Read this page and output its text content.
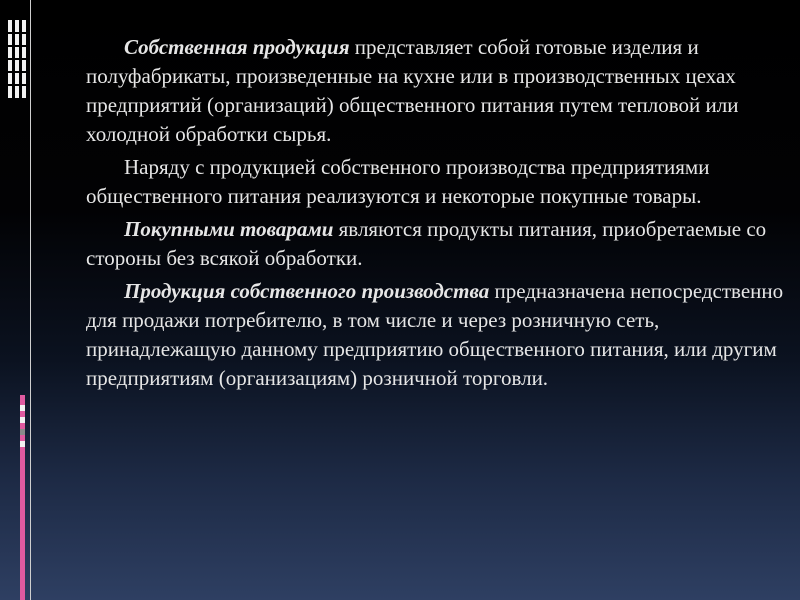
Собственная продукция представляет собой готовые изделия и полуфабрикаты, произведенные на кухне или в производственных цехах предприятий (организаций) общественного питания путем тепловой или холодной обработки сырья.

Наряду с продукцией собственного производства предприятиями общественного питания реализуются и некоторые покупные товары.

Покупными товарами являются продукты питания, приобретаемые со стороны без всякой обработки.

Продукция собственного производства предназначена непосредственно для продажи потребителю, в том числе и через розничную сеть, принадлежащую данному предприятию общественного питания, или другим предприятиям (организациям) розничной торговли.
